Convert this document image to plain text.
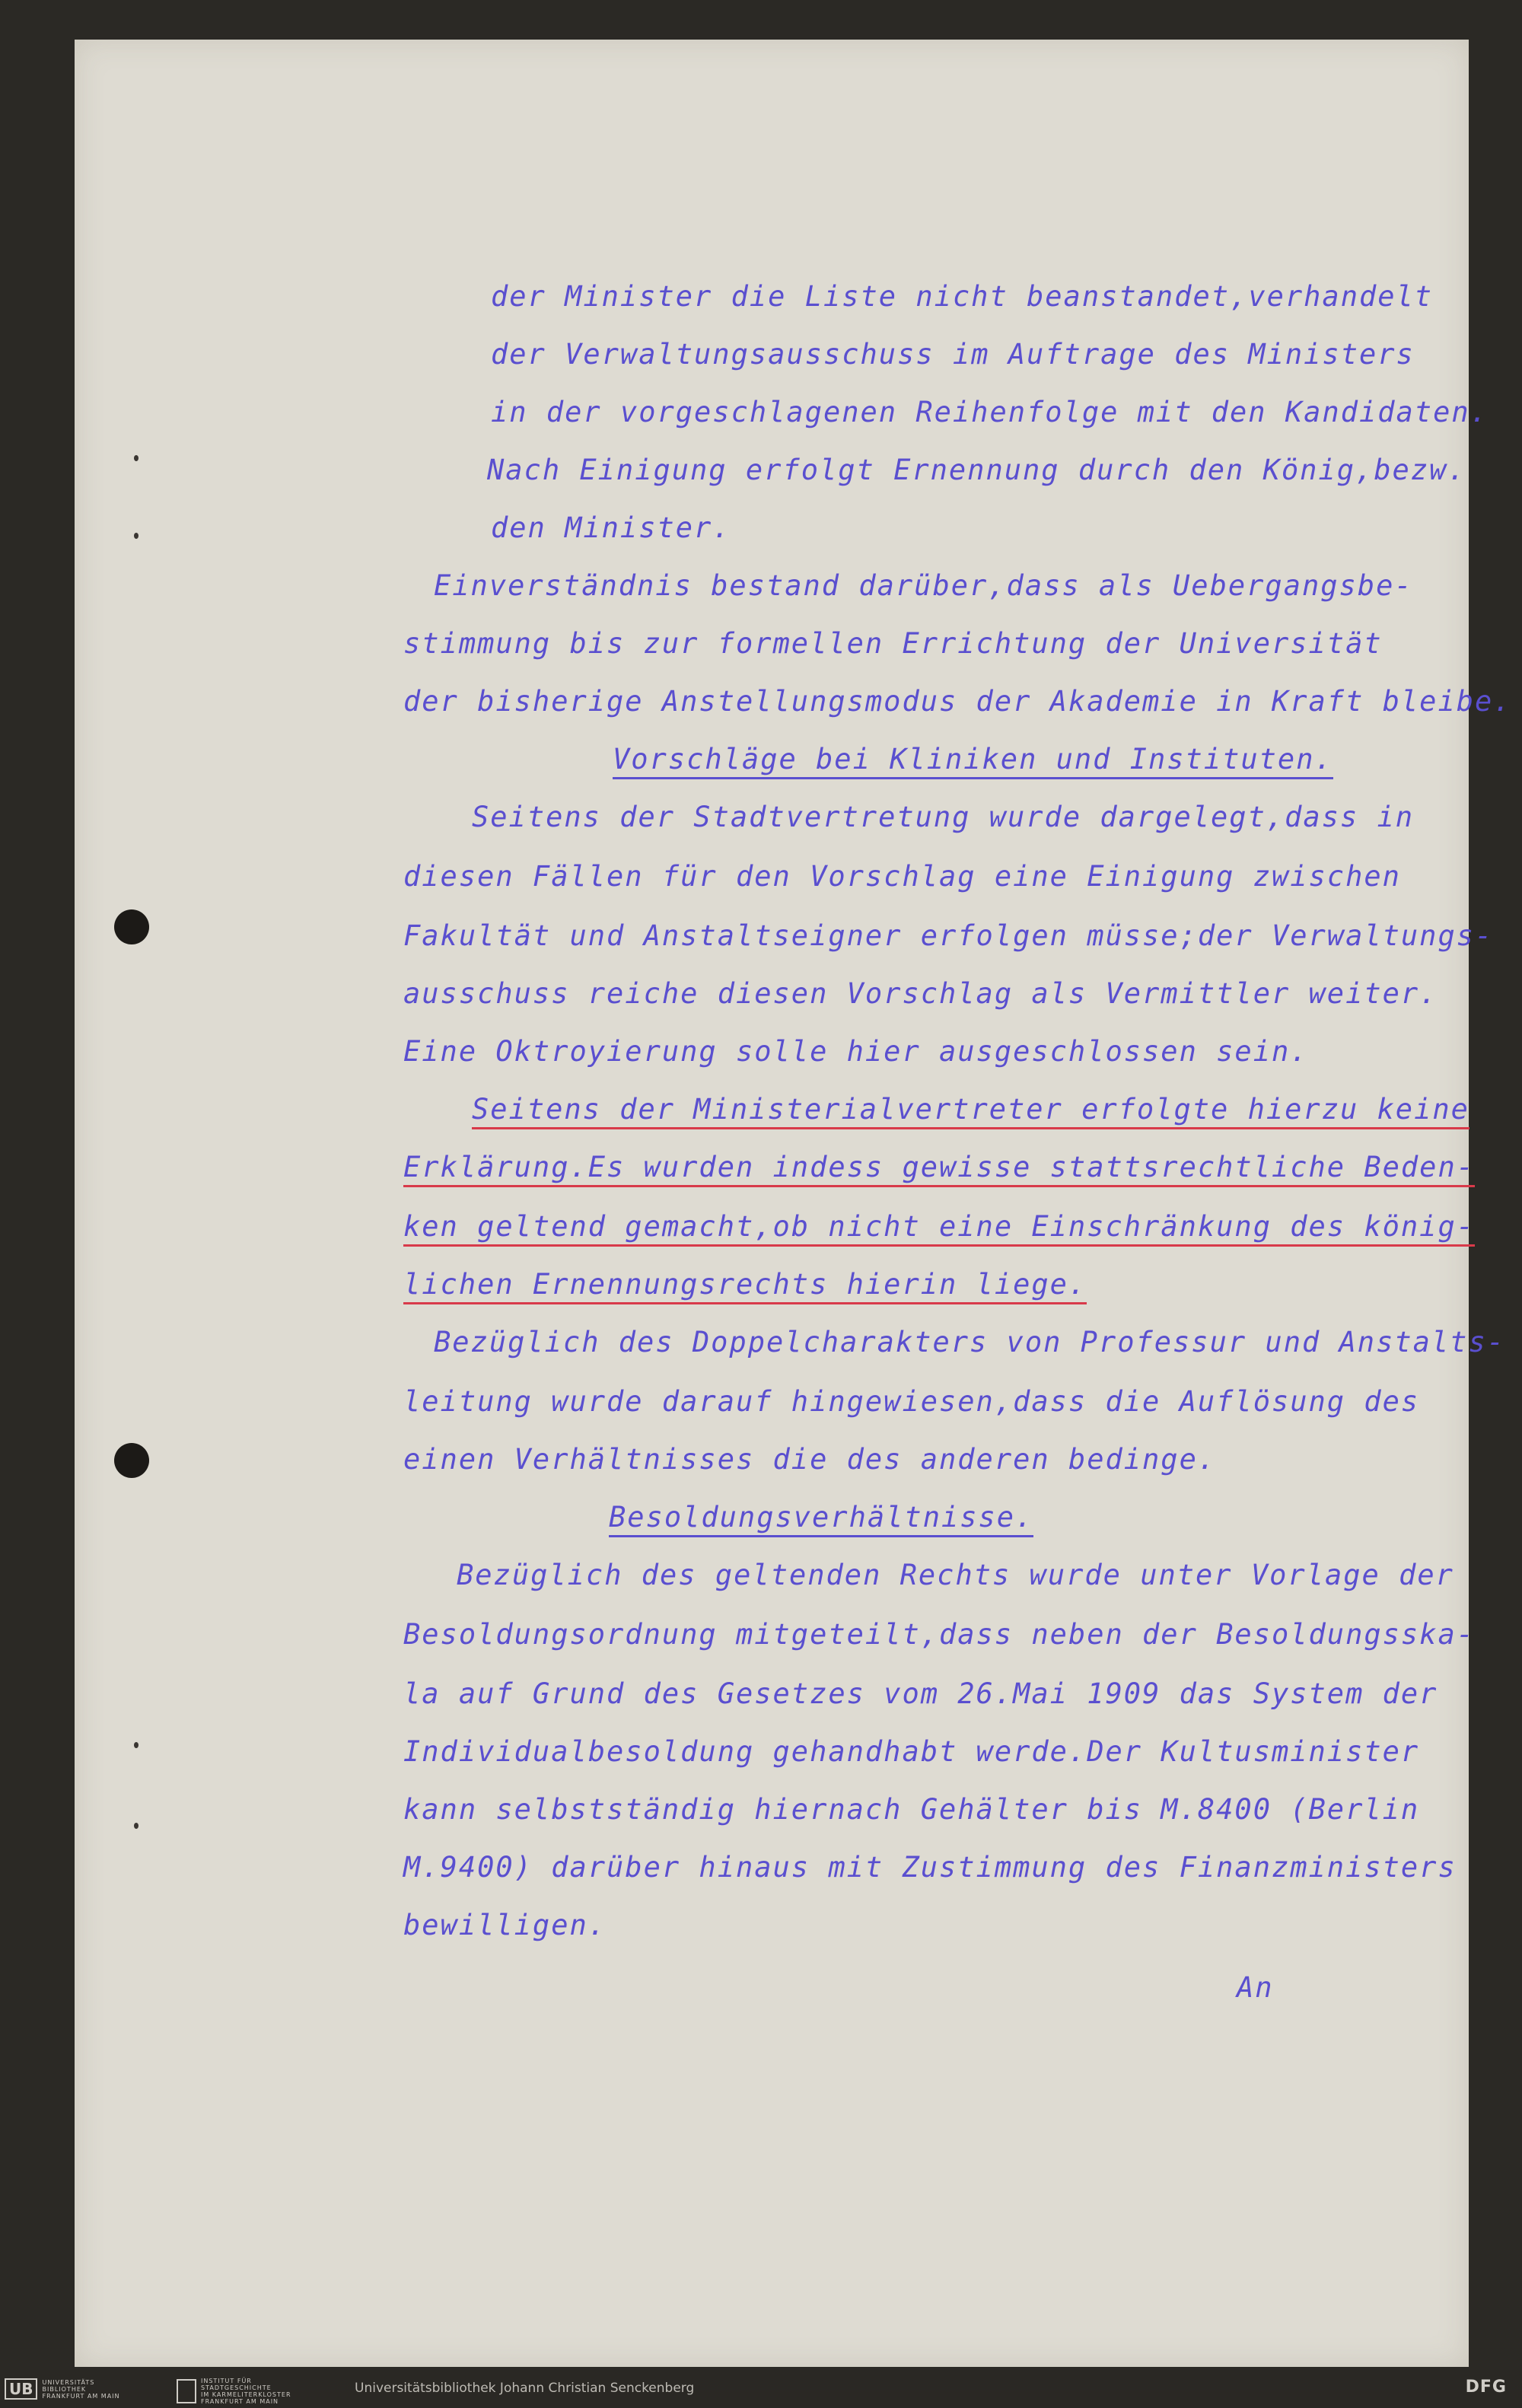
der Minister die Liste nicht beanstandet,verhandelt
der Verwaltungsausschuss im Auftrage des Ministers
in der vorgeschlagenen Reihenfolge mit den Kandidaten.
Nach Einigung erfolgt Ernennung durch den König,bezw.
den Minister.
Einverständnis bestand darüber,dass als Uebergangsbe-
stimmung bis zur formellen Errichtung der Universität
der bisherige Anstellungsmodus der Akademie in Kraft bleibe.
Vorschläge bei Kliniken und Instituten.
Seitens der Stadtvertretung wurde dargelegt,dass in
diesen Fällen für den Vorschlag eine Einigung zwischen
Fakultät und Anstaltseigner erfolgen müsse;der Verwaltungs-
ausschuss reiche diesen Vorschlag als Vermittler weiter.
Eine Oktroyierung solle hier ausgeschlossen sein.
Seitens der Ministerialvertreter erfolgte hierzu keine
Erklärung.Es wurden indess gewisse stattsrechtliche Beden-
ken geltend gemacht,ob nicht eine Einschränkung des könig-
lichen Ernennungsrechts hierin liege.
Bezüglich des Doppelcharakters von Professur und Anstalts-
leitung wurde darauf hingewiesen,dass die Auflösung des
einen Verhältnisses die des anderen bedinge.
Besoldungsverhältnisse.
Bezüglich des geltenden Rechts wurde unter Vorlage der
Besoldungsordnung mitgeteilt,dass neben der Besoldungsska-
la auf Grund des Gesetzes vom 26.Mai 1909 das System der
Individualbesoldung gehandhabt werde.Der Kultusminister
kann selbstständig hiernach Gehälter bis M.8400 (Berlin
M.9400) darüber hinaus mit Zustimmung des Finanzministers
bewilligen.
An
UB	UNIVERSITÄTS
BIBLIOTHEK
FRANKFURT AM MAIN
INSTITUT FÜR
STADTGESCHICHTE
IM KARMELITERKLOSTER
FRANKFURT AM MAIN
Universitätsbibliothek Johann Christian Senckenberg	DFG
